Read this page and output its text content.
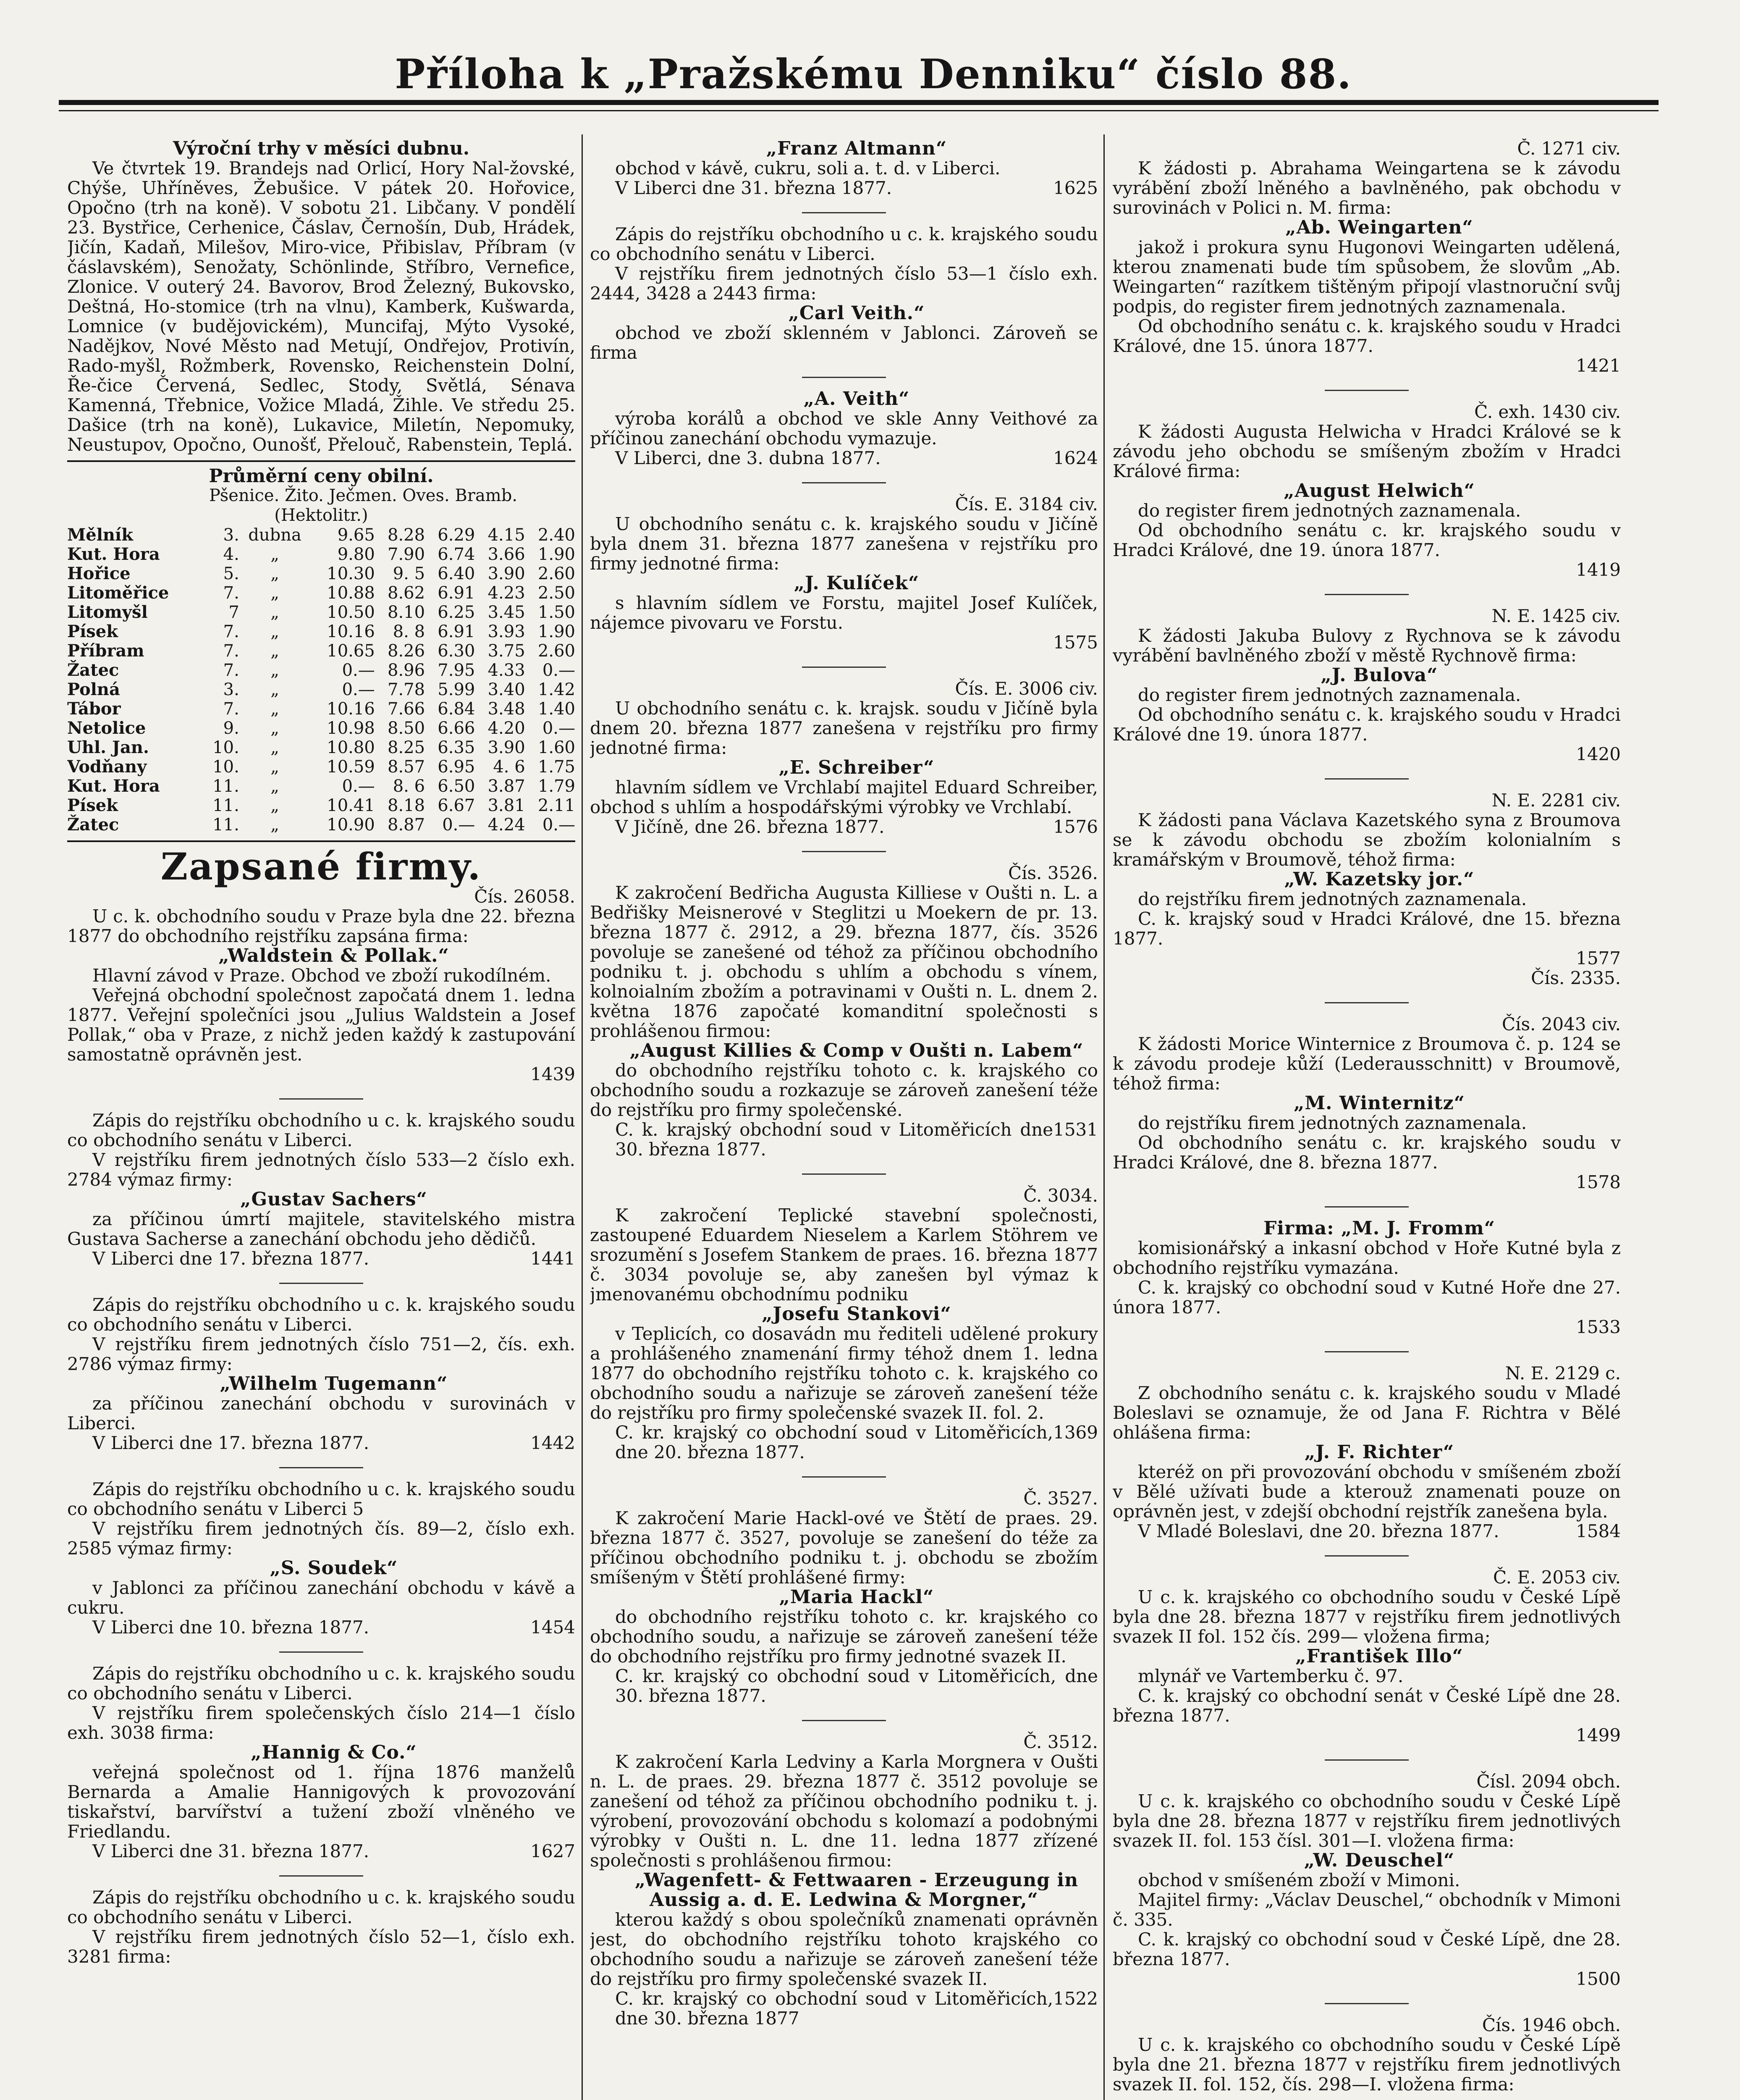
Příloha k „Pražskému Denniku“ číslo 88.

Výroční trhy v měsíci dubnu.

Ve čtvrtek 19. Brandejs nad Orlicí, Hory Nal-žovské, Chýše, Uhříněves, Žebušice. V pátek 20. Hořovice, Opočno (trh na koně). V sobotu 21. Libčany. V pondělí 23. Bystřice, Cerhenice, Čáslav, Černošín, Dub, Hrádek, Jičín, Kadaň, Milešov, Miro-vice, Přibislav, Příbram (v čáslavském), Senožaty, Schönlinde, Stříbro, Vernefice, Zlonice. V outerý 24. Bavorov, Brod Železný, Bukovsko, Deštná, Ho-stomice (trh na vlnu), Kamberk, Kušwarda, Lomnice (v budějovickém), Muncifaj, Mýto Vysoké, Nadějkov, Nové Město nad Metují, Ondřejov, Protivín, Rado-myšl, Rožmberk, Rovensko, Reichenstein Dolní, Ře-čice Červená, Sedlec, Stody, Světlá, Sénava Kamenná, Třebnice, Vožice Mladá, Žihle. Ve středu 25. Dašice (trh na koně), Lukavice, Miletín, Nepomuky, Neustupov, Opočno, Ounošť, Přelouč, Rabenstein, Teplá.

Průměrní ceny obilní.

Pšenice. Žito. Ječmen. Oves. Bramb.

(Hektolitr.)

Mělník	3.	dubna	9.65	8.28	6.29	4.15	2.40
Kut. Hora	4.	„	9.80	7.90	6.74	3.66	1.90
Hořice	5.	„	10.30	9. 5	6.40	3.90	2.60
Litoměřice	7.	„	10.88	8.62	6.91	4.23	2.50
Litomyšl	7	„	10.50	8.10	6.25	3.45	1.50
Písek	7.	„	10.16	8. 8	6.91	3.93	1.90
Příbram	7.	„	10.65	8.26	6.30	3.75	2.60
Žatec	7.	„	0.—	8.96	7.95	4.33	0.—
Polná	3.	„	0.—	7.78	5.99	3.40	1.42
Tábor	7.	„	10.16	7.66	6.84	3.48	1.40
Netolice	9.	„	10.98	8.50	6.66	4.20	0.—
Uhl. Jan.	10.	„	10.80	8.25	6.35	3.90	1.60
Vodňany	10.	„	10.59	8.57	6.95	4. 6	1.75
Kut. Hora	11.	„	0.—	8. 6	6.50	3.87	1.79
Písek	11.	„	10.41	8.18	6.67	3.81	2.11
Žatec	11.	„	10.90	8.87	0.—	4.24	0.—

Zapsané firmy.

Čís. 26058.

U c. k. obchodního soudu v Praze byla dne 22. března 1877 do obchodního rejstříku zapsána firma:

„Waldstein & Pollak.“

Hlavní závod v Praze. Obchod ve zboží rukodílném.

Veřejná obchodní společnost započatá dnem 1. ledna 1877. Veřejní společníci jsou „Julius Waldstein a Josef Pollak,“ oba v Praze, z nichž jeden každý k zastupování samostatně oprávněn jest.

1439

Zápis do rejstříku obchodního u c. k. krajského soudu co obchodního senátu v Liberci.

V rejstříku firem jednotných číslo 533—2 číslo exh. 2784 výmaz firmy:

„Gustav Sachers“

za příčinou úmrtí majitele, stavitelského mistra Gustava Sacherse a zanechání obchodu jeho dědičů.

V Liberci dne 17. března 1877.	1441

Zápis do rejstříku obchodního u c. k. krajského soudu co obchodního senátu v Liberci.

V rejstříku firem jednotných číslo 751—2, čís. exh. 2786 výmaz firmy:

„Wilhelm Tugemann“

za příčinou zanechání obchodu v surovinách v Liberci.

V Liberci dne 17. března 1877.	1442

Zápis do rejstříku obchodního u c. k. krajského soudu co obchodního senátu v Liberci 5

V rejstříku firem jednotných čís. 89—2, číslo exh. 2585 výmaz firmy:

„S. Soudek“

v Jablonci za příčinou zanechání obchodu v kávě a cukru.

V Liberci dne 10. března 1877.	1454

Zápis do rejstříku obchodního u c. k. krajského soudu co obchodního senátu v Liberci.

V rejstříku firem společenských číslo 214—1 číslo exh. 3038 firma:

„Hannig & Co.“

veřejná společnost od 1. října 1876 manželů Bernarda a Amalie Hannigových k provozování tiskařství, barvířství a tužení zboží vlněného ve Friedlandu.

V Liberci dne 31. března 1877.	1627

Zápis do rejstříku obchodního u c. k. krajského soudu co obchodního senátu v Liberci.

V rejstříku firem jednotných číslo 52—1, číslo exh. 3281 firma:

„Franz Altmann“

obchod v kávě, cukru, soli a. t. d. v Liberci.

V Liberci dne 31. března 1877.	1625

Zápis do rejstříku obchodního u c. k. krajského soudu co obchodního senátu v Liberci.

V rejstříku firem jednotných číslo 53—1 číslo exh. 2444, 3428 a 2443 firma:

„Carl Veith.“

obchod ve zboží sklenném v Jablonci. Zároveň se firma

„A. Veith“

výroba korálů a obchod ve skle Anny Veithové za příčinou zanechání obchodu vymazuje.

V Liberci, dne 3. dubna 1877.	1624

Čís. E. 3184 civ.

U obchodního senátu c. k. krajského soudu v Jičíně byla dnem 31. března 1877 zanešena v rejstříku pro firmy jednotné firma:

„J. Kulíček“

s hlavním sídlem ve Forstu, majitel Josef Kulíček, nájemce pivovaru ve Forstu.

1575

Čís. E. 3006 civ.

U obchodního senátu c. k. krajsk. soudu v Jičíně byla dnem 20. března 1877 zanešena v rejstříku pro firmy jednotné firma:

„E. Schreiber“

hlavním sídlem ve Vrchlabí majitel Eduard Schreiber, obchod s uhlím a hospodářskými výrobky ve Vrchlabí.

V Jičíně, dne 26. března 1877.	1576

Čís. 3526.

K zakročení Bedřicha Augusta Killiese v Oušti n. L. a Bedřišky Meisnerové v Steglitzi u Moekern de pr. 13. března 1877 č. 2912, a 29. března 1877, čís. 3526 povoluje se zanešené od téhož za příčinou obchodního podniku t. j. obchodu s uhlím a obchodu s vínem, kolnoialním zbožím a potravinami v Oušti n. L. dnem 2. května 1876 započaté komanditní společnosti s prohlášenou firmou:

„August Killies & Comp v Oušti n. Labem“

do obchodního rejstříku tohoto c. k. krajského co obchodního soudu a rozkazuje se zároveň zanešení téže do rejstříku pro firmy společenské.

C. k. krajský obchodní soud v Litoměřicích dne 30. března 1877.
1531

Č. 3034.

K zakročení Teplické stavební společnosti, zastoupené Eduardem Nieselem a Karlem Stöhrem ve srozumění s Josefem Stankem de praes. 16. března 1877 č. 3034 povoluje se, aby zanešen byl výmaz k jmenovanému obchodnímu podniku

„Josefu Stankovi“

v Teplicích, co dosavádn mu řediteli udělené prokury a prohlášeného znamenání firmy téhož dnem 1. ledna 1877 do obchodního rejstříku tohoto c. k. krajského co obchodního soudu a nařizuje se zároveň zanešení téže do rejstříku pro firmy společenské svazek II. fol. 2.

C. kr. krajský co obchodní soud v Litoměřicích, dne 20. března 1877.
1369

Č. 3527.

K zakročení Marie Hackl-ové ve Štětí de praes. 29. března 1877 č. 3527, povoluje se zanešení do téže za příčinou obchodního podniku t. j. obchodu se zbožím smíšeným v Štětí prohlášené firmy:

„Maria Hackl“

do obchodního rejstříku tohoto c. kr. krajského co obchodního soudu, a nařizuje se zároveň zanešení téže do obchodního rejstříku pro firmy jednotné svazek II.

C. kr. krajský co obchodní soud v Litoměřicích, dne 30. března 1877.

Č. 3512.

K zakročení Karla Ledviny a Karla Morgnera v Oušti n. L. de praes. 29. března 1877 č. 3512 povoluje se zanešení od téhož za příčinou obchodního podniku t. j. výrobení, provozování obchodu s kolomazí a podobnými výrobky v Oušti n. L. dne 11. ledna 1877 zřízené společnosti s prohlášenou firmou:

„Wagenfett- & Fettwaaren - Erzeugung in Aussig a. d. E. Ledwina & Morgner,“

kterou každý s obou společníků znamenati oprávněn jest, do obchodního rejstříku tohoto krajského co obchodního soudu a nařizuje se zároveň zanešení téže do rejstříku pro firmy společenské svazek II.

C. kr. krajský co obchodní soud v Litoměřicích, dne 30. března 1877
1522

Č. 1271 civ.

K žádosti p. Abrahama Weingartena se k závodu vyrábění zboží lněného a bavlněného, pak obchodu v surovinách v Polici n. M. firma:

„Ab. Weingarten“

jakož i prokura synu Hugonovi Weingarten udělená, kterou znamenati bude tím spůsobem, že slovům „Ab. Weingarten“ razítkem tištěným připojí vlastnoruční svůj podpis, do register firem jednotných zaznamenala.

Od obchodního senátu c. k. krajského soudu v Hradci Králové, dne 15. února 1877.

1421

Č. exh. 1430 civ.

K žádosti Augusta Helwicha v Hradci Králové se k závodu jeho obchodu se smíšeným zbožím v Hradci Králové firma:

„August Helwich“

do register firem jednotných zaznamenala.

Od obchodního senátu c. kr. krajského soudu v Hradci Králové, dne 19. února 1877.

1419

N. E. 1425 civ.

K žádosti Jakuba Bulovy z Rychnova se k závodu vyrábění bavlněného zboží v městě Rychnově firma:

„J. Bulova“

do register firem jednotných zaznamenala.

Od obchodního senátu c. k. krajského soudu v Hradci Králové dne 19. února 1877.

1420

N. E. 2281 civ.

K žádosti pana Václava Kazetského syna z Broumova se k závodu obchodu se zbožím kolonialním s kramářským v Broumově, téhož firma:

„W. Kazetsky jor.“

do rejstříku firem jednotných zaznamenala.

C. k. krajský soud v Hradci Králové, dne 15. března 1877.

1577

Čís. 2335.

Čís. 2043 civ.

K žádosti Morice Winternice z Broumova č. p. 124 se k závodu prodeje kůží (Lederausschnitt) v Broumově, téhož firma:

„M. Winternitz“

do rejstříku firem jednotných zaznamenala.

Od obchodního senátu c. kr. krajského soudu v Hradci Králové, dne 8. března 1877.

1578

Firma: „M. J. Fromm“

komisionářský a inkasní obchod v Hoře Kutné byla z obchodního rejstříku vymazána.

C. k. krajský co obchodní soud v Kutné Hoře dne 27. února 1877.

1533

N. E. 2129 c.

Z obchodního senátu c. k. krajského soudu v Mladé Boleslavi se oznamuje, že od Jana F. Richtra v Bělé ohlášena firma:

„J. F. Richter“

kteréž on při provozování obchodu v smíšeném zboží v Bělé užívati bude a kterouž znamenati pouze on oprávněn jest, v zdejší obchodní rejstřík zanešena byla.

V Mladé Boleslavi, dne 20. března 1877.	1584

Č. E. 2053 civ.

U c. k. krajského co obchodního soudu v České Lípě byla dne 28. března 1877 v rejstříku firem jednotlivých svazek II fol. 152 čís. 299— vložena firma;

„František Illo“

mlynář ve Vartemberku č. 97.

C. k. krajský co obchodní senát v České Lípě dne 28. března 1877.

1499

Čísl. 2094 obch.

U c. k. krajského co obchodního soudu v České Lípě byla dne 28. března 1877 v rejstříku firem jednotlivých svazek II. fol. 153 čísl. 301—I. vložena firma:

„W. Deuschel“

obchod v smíšeném zboží v Mimoni.

Majitel firmy: „Václav Deuschel,“ obchodník v Mimoni č. 335.

C. k. krajský co obchodní soud v České Lípě, dne 28. března 1877.

1500

Čís. 1946 obch.

U c. k. krajského co obchodního soudu v České Lípě byla dne 21. března 1877 v rejstříku firem jednotlivých svazek II. fol. 152, čís. 298—I. vložena firma:
